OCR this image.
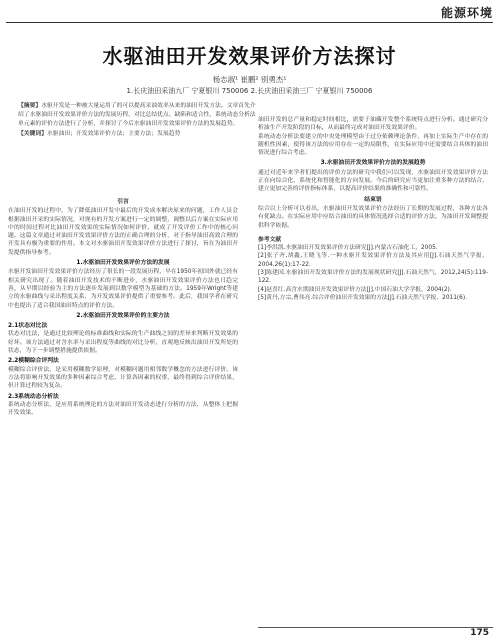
能源环境
水驱油田开发效果评价方法探讨
杨志淑¹ 崔鹏² 别勇杰¹
1.长庆油田采油九厂 宁夏银川 750006 2.长庆油田采油三厂 宁夏银川 750006
【摘要】水驱开发是一种被大量运用了的可以提高采油效率从来的油田开发方法。文章首先介绍了水驱油田开发效果评价方法的发展历程，对比总结优点、缺陷和适合性，系统动态分析法单元素的评价方法进行了分析，并探讨了今后水驱油田开发效果评价方法的发展趋势。
【关键词】水驱油田；开发效果评价方法；主要方法；发展趋势
引言
在油田开发的过程中，为了降低油田开发中最后的开发成本解决原来的问题，工作人员会根据油田开采的实际情况，对现有的开发方案进行一定的调整，调整以后方案在实际应用中的时间过程对比油田开发效果的实际情况如何评价，就成了开发评价工作中的核心问题。这篇文章通过对油田开发效果评价方法的正确合理的分析，对于指导油田高效合理的开发具有极为重要的作用。本文对水驱油田开发效果评价方法进行了探讨，旨在为油田开发提供指导参考。
1.水驱油田开发效果评价方法的发展
水驱开发油田开发效果评价方法经历了很长的一段发展历程，早在1950年初国外就已经有相关研究出现了。随着油田开发技术的不断进步，水驱油田开发效果评价方法也日趋完善，从早期以经验为主的方法逐步发展到以数学模型为基础的方法。1959年Wright等建立的水驱曲线与采出程度关系，为开发效果评价提供了重要参考。此后，我国学者在研究中也提出了适合我国油田特点的评价方法。
2.水驱油田开发效果评价的主要方法
2.1状态对比法
状态对比法，是通过比较理论的标准曲线和实际的生产曲线之间的差异来判断开发效果的好坏。该方法通过对含水率与采出程度等曲线的对比分析，直观地反映出油田开发所处的状态，为下一步调整措施提供依据。
2.2模糊综合评判法
模糊综合评价法，是采用模糊数学原理，对模糊问题用相邻数学概念的方法进行评价。该方法将影响开发效果的多种因素综合考虑，计算各因素的权重，最终得到综合评价结果，但计算过程较为复杂。
2.3系统动态分析法
系统动态分析法，是应用系统理论的方法对油田开发动态进行分析的方法，从整体上把握开发效果。
油田开发的总产量和稳定时间相比，需要于油藏开发整个系统特点进行分析。通过研究分析油生产开发阶段的目标，从而最终完成对油田开发效果评价。
系统动态分析法要建立的中央处理模型由于过分依赖理论条件，再加上实际生产中存在的随机性因素，使得该方法的应用存在一定的局限性，在实际应用中还需要结合具体的油田情况进行综合考虑。
3.水驱油田开发效果评价方法的发展趋势
通过对近年来学者们提出的评价方法的研究中我们可以发现，水驱油田开发效果评价方法正在向综合化、系统化和智能化的方向发展。今后的研究应当更加注重多种方法的结合，建立更加完善的评价指标体系，以提高评价结果的准确性和可靠性。
结束语
综合以上分析可以看出，水驱油田开发效果评价方法经历了长期的发展过程，各种方法各有优缺点。在实际应用中应结合油田的具体情况选择合适的评价方法，为油田开发调整提供科学依据。
参考文献
[1]李洪凯.水驱油田开发效果评价方法研究[J].内蒙古石油化工，2005.
[2]张子齐,胡鑫,王晓飞等.一种水驱开发效果评价方法及其应用[J].石油天然气学报，2004,26(1):17-22.
[3]陈建国.水驱油田开发效果评价方法的发展现状研究[J].石油天然气，2012,24(5):119-122.
[4]赵喜红.高含水期油田开发效果评价方法[J].中国石油大学学报，2004(2).
[5]黄丹,方宗,曹伟亮.综合评价油田开发效果的方法[J].石油天然气学报，2011(6).
175
